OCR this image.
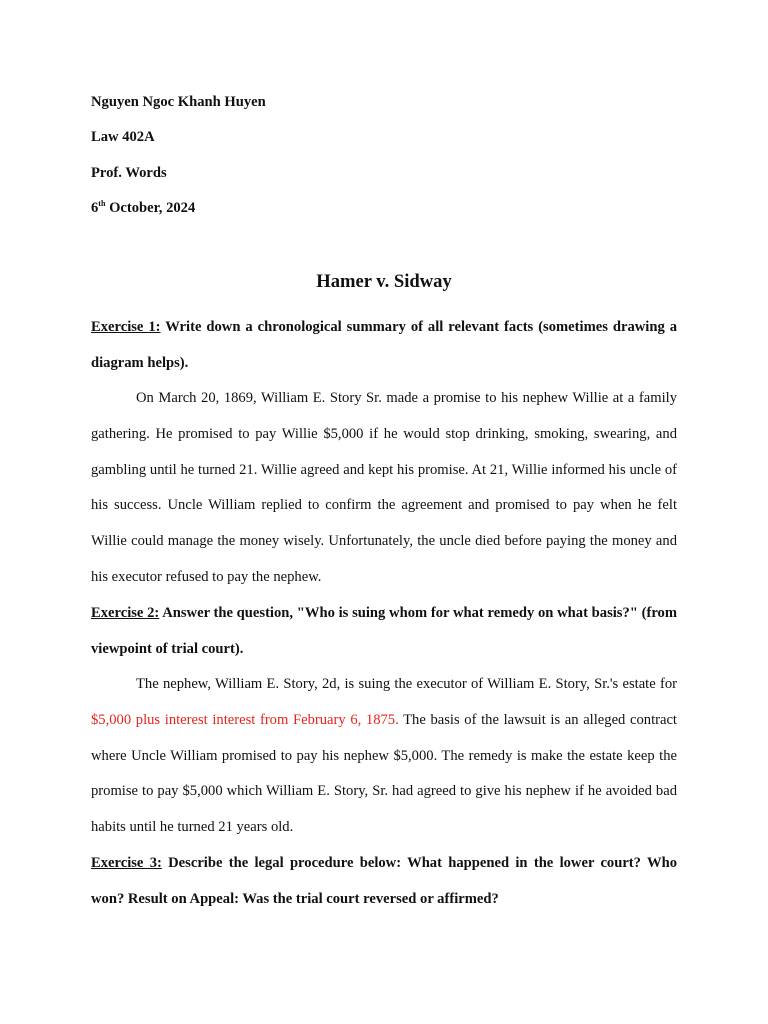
Nguyen Ngoc Khanh Huyen
Law 402A
Prof. Words
6th October, 2024
Hamer v. Sidway
Exercise 1: Write down a chronological summary of all relevant facts (sometimes drawing a diagram helps).
On March 20, 1869, William E. Story Sr. made a promise to his nephew Willie at a family gathering. He promised to pay Willie $5,000 if he would stop drinking, smoking, swearing, and gambling until he turned 21. Willie agreed and kept his promise. At 21, Willie informed his uncle of his success. Uncle William replied to confirm the agreement and promised to pay when he felt Willie could manage the money wisely. Unfortunately, the uncle died before paying the money and his executor refused to pay the nephew.
Exercise 2: Answer the question, "Who is suing whom for what remedy on what basis?" (from viewpoint of trial court).
The nephew, William E. Story, 2d, is suing the executor of William E. Story, Sr.'s estate for $5,000 plus interest interest from February 6, 1875. The basis of the lawsuit is an alleged contract where Uncle William promised to pay his nephew $5,000. The remedy is make the estate keep the promise to pay $5,000 which William E. Story, Sr. had agreed to give his nephew if he avoided bad habits until he turned 21 years old.
Exercise 3: Describe the legal procedure below: What happened in the lower court? Who won? Result on Appeal: Was the trial court reversed or affirmed?
